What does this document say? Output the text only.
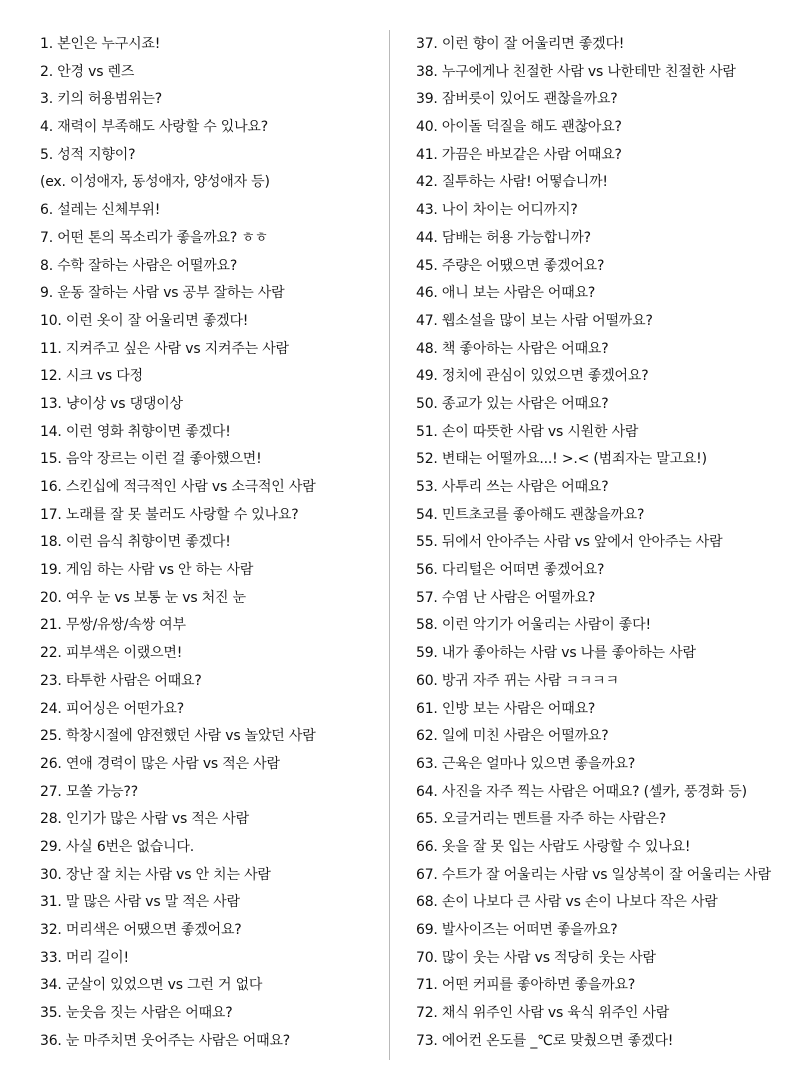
1. 본인은 누구시죠!
2. 안경 vs 렌즈
3. 키의 허용범위는?
4. 재력이 부족해도 사랑할 수 있나요?
5. 성적 지향이?
(ex. 이성애자, 동성애자, 양성애자 등)
6. 설레는 신체부위!
7. 어떤 톤의 목소리가 좋을까요? ㅎㅎ
8. 수학 잘하는 사람은 어떨까요?
9. 운동 잘하는 사람 vs 공부 잘하는 사람
10. 이런 옷이 잘 어울리면 좋겠다!
11. 지켜주고 싶은 사람 vs 지켜주는 사람
12. 시크 vs 다정
13. 냥이상 vs 댕댕이상
14. 이런 영화 취향이면 좋겠다!
15. 음악 장르는 이런 걸 좋아했으면!
16. 스킨십에 적극적인 사람 vs 소극적인 사람
17. 노래를 잘 못 불러도 사랑할 수 있나요?
18. 이런 음식 취향이면 좋겠다!
19. 게임 하는 사람 vs 안 하는 사람
20. 여우 눈 vs 보통 눈 vs 처진 눈
21. 무쌍/유쌍/속쌍 여부
22. 피부색은 이랬으면!
23. 타투한 사람은 어때요?
24. 피어싱은 어떤가요?
25. 학창시절에 얌전했던 사람 vs 놀았던 사람
26. 연애 경력이 많은 사람 vs 적은 사람
27. 모쏠 가능??
28. 인기가 많은 사람 vs 적은 사람
29. 사실 6번은 없습니다.
30. 장난 잘 치는 사람 vs 안 치는 사람
31. 말 많은 사람 vs 말 적은 사람
32. 머리색은 어땠으면 좋겠어요?
33. 머리 길이!
34. 군살이 있었으면 vs 그런 거 없다
35. 눈웃음 짓는 사람은 어때요?
36. 눈 마주치면 웃어주는 사람은 어때요?
37. 이런 향이 잘 어울리면 좋겠다!
38. 누구에게나 친절한 사람 vs 나한테만 친절한 사람
39. 잠버릇이 있어도 괜찮을까요?
40. 아이돌 덕질을 해도 괜찮아요?
41. 가끔은 바보같은 사람 어때요?
42. 질투하는 사람! 어떻습니까!
43. 나이 차이는 어디까지?
44. 담배는 허용 가능합니까?
45. 주량은 어땠으면 좋겠어요?
46. 애니 보는 사람은 어때요?
47. 웹소설을 많이 보는 사람 어떨까요?
48. 책 좋아하는 사람은 어때요?
49. 정치에 관심이 있었으면 좋겠어요?
50. 종교가 있는 사람은 어때요?
51. 손이 따뜻한 사람 vs 시원한 사람
52. 변태는 어떨까요...! >.< (범죄자는 말고요!)
53. 사투리 쓰는 사람은 어때요?
54. 민트초코를 좋아해도 괜찮을까요?
55. 뒤에서 안아주는 사람 vs 앞에서 안아주는 사람
56. 다리털은 어떠면 좋겠어요?
57. 수염 난 사람은 어떨까요?
58. 이런 악기가 어울리는 사람이 좋다!
59. 내가 좋아하는 사람 vs 나를 좋아하는 사람
60. 방귀 자주 뀌는 사람 ㅋㅋㅋㅋ
61. 인방 보는 사람은 어때요?
62. 일에 미친 사람은 어떨까요?
63. 근육은 얼마나 있으면 좋을까요?
64. 사진을 자주 찍는 사람은 어때요? (셀카, 풍경화 등)
65. 오글거리는 멘트를 자주 하는 사람은?
66. 옷을 잘 못 입는 사람도 사랑할 수 있나요!
67. 수트가 잘 어울리는 사람 vs 일상복이 잘 어울리는 사람
68. 손이 나보다 큰 사람 vs 손이 나보다 작은 사람
69. 발사이즈는 어떠면 좋을까요?
70. 많이 웃는 사람 vs 적당히 웃는 사람
71. 어떤 커피를 좋아하면 좋을까요?
72. 채식 위주인 사람 vs 육식 위주인 사람
73. 에어컨 온도를 _℃로 맞췄으면 좋겠다!
